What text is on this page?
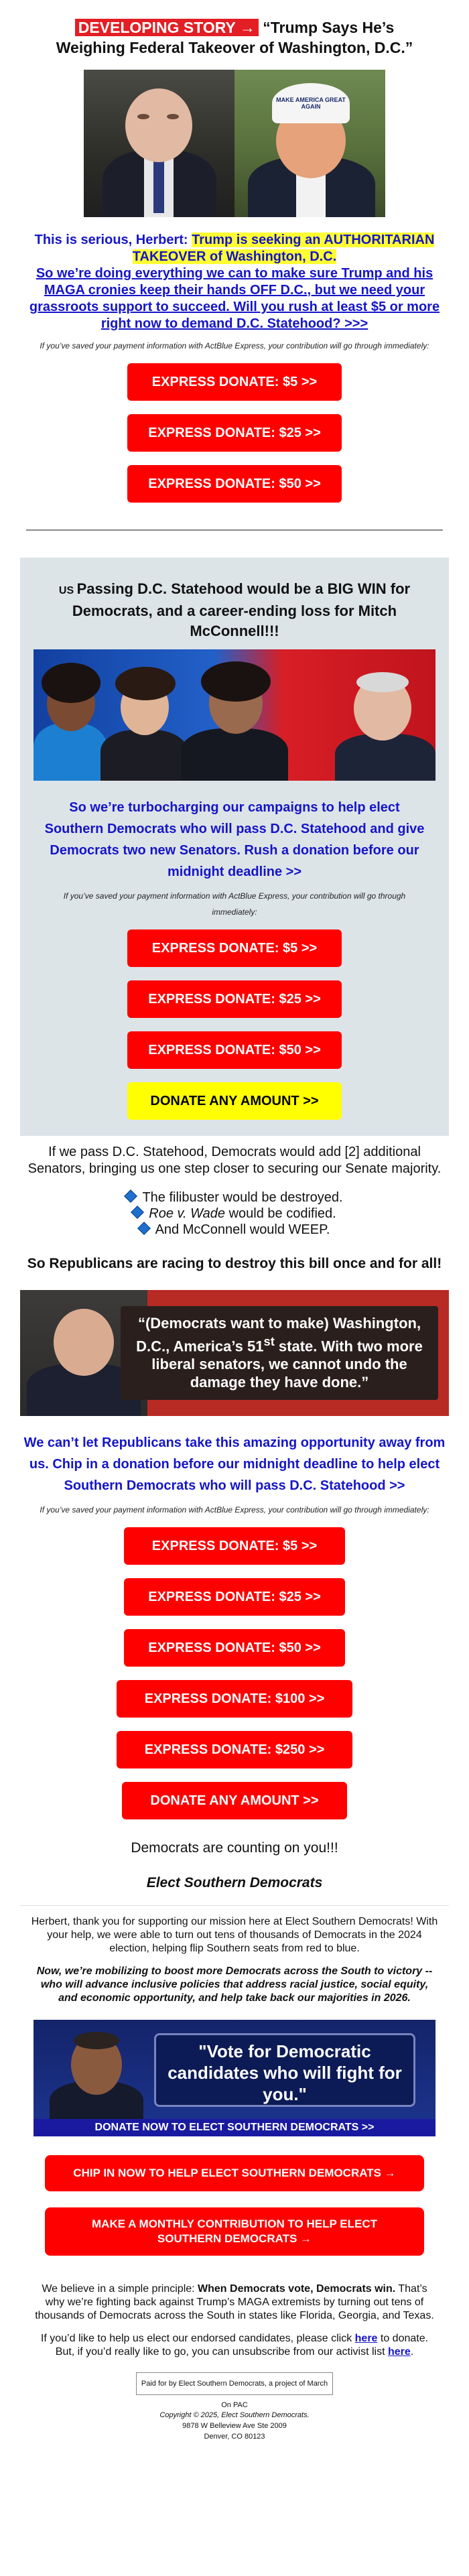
DEVELOPING STORY → “Trump Says He’s
Weighing Federal Takeover of Washington, D.C.”
MAKE AMERICA GREAT AGAIN
This is serious, Herbert: Trump is seeking an AUTHORITARIAN TAKEOVER of Washington, D.C.
So we’re doing everything we can to make sure Trump and his MAGA cronies keep their hands OFF D.C., but we need your grassroots support to succeed. Will you rush at least $5 or more right now to demand D.C. Statehood? >>>

If you’ve saved your payment information with ActBlue Express, your contribution will go through immediately:

EXPRESS DONATE: $5 >>
EXPRESS DONATE: $25 >>
EXPRESS DONATE: $50 >>
US Passing D.C. Statehood would be a BIG WIN for Democrats, and a career-ending loss for Mitch McConnell!!!
So we’re turbocharging our campaigns to help elect Southern Democrats who will pass D.C. Statehood and give Democrats two new Senators. Rush a donation before our midnight deadline >>

If you’ve saved your payment information with ActBlue Express, your contribution will go through immediately:

EXPRESS DONATE: $5 >>
EXPRESS DONATE: $25 >>
EXPRESS DONATE: $50 >>
DONATE ANY AMOUNT >>

If we pass D.C. Statehood, Democrats would add [2] additional Senators, bringing us one step closer to securing our Senate majority.

The filibuster would be destroyed.
Roe v. Wade would be codified.
And McConnell would WEEP.

So Republicans are racing to destroy this bill once and for all!

“(Democrats want to make) Washington, D.C., America’s 51st state. With two more liberal senators, we cannot undo the damage they have done.”
We can’t let Republicans take this amazing opportunity away from us. Chip in a donation before our midnight deadline to help elect Southern Democrats who will pass D.C. Statehood >>

If you’ve saved your payment information with ActBlue Express, your contribution will go through immediately:

EXPRESS DONATE: $5 >>
EXPRESS DONATE: $25 >>
EXPRESS DONATE: $50 >>
EXPRESS DONATE: $100 >>
EXPRESS DONATE: $250 >>
DONATE ANY AMOUNT >>

Democrats are counting on you!!!

Elect Southern Democrats

Herbert, thank you for supporting our mission here at Elect Southern Democrats! With your help, we were able to turn out tens of thousands of Democrats in the 2024 election, helping flip Southern seats from red to blue.

Now, we’re mobilizing to boost more Democrats across the South to victory -- who will advance inclusive policies that address racial justice, social equity, and economic opportunity, and help take back our majorities in 2026.

"Vote for Democratic candidates who will fight for you."
DONATE NOW TO ELECT SOUTHERN DEMOCRATS >>
CHIP IN NOW TO HELP ELECT SOUTHERN DEMOCRATS →
MAKE A MONTHLY CONTRIBUTION TO HELP ELECT
SOUTHERN DEMOCRATS →

We believe in a simple principle: When Democrats vote, Democrats win. That’s why we’re fighting back against Trump’s MAGA extremists by turning out tens of thousands of Democrats across the South in states like Florida, Georgia, and Texas.

If you’d like to help us elect our endorsed candidates, please click here to donate. But, if you’d really like to go, you can unsubscribe from our activist list here.

Paid for by Elect Southern Democrats, a project of March On PAC
Copyright © 2025, Elect Southern Democrats.
9878 W Belleview Ave Ste 2009
Denver, CO 80123
